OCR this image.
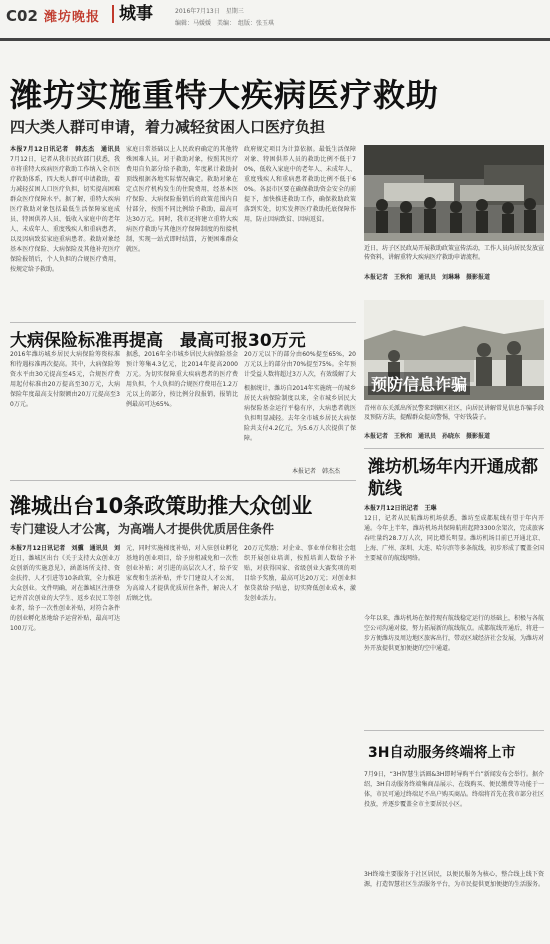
C02 潍坊晚报	城事	2016年7月13日　星期三
编辑：马媛媛　美编：　组版：张玉琪
潍坊实施重特大疾病医疗救助
四大类人群可申请，着力减轻贫困人口医疗负担
本报7月12日讯记者　韩杰杰　通讯员　
7月12日，记者从我市民政部门获悉，我市将重特大疾病医疗救助工作纳入全市医疗救助体系，四大类人群可申请救助，着力减轻贫困人口医疗负担，切实提高困难群众医疗保障水平。据了解，重特大疾病医疗救助对象包括最低生活保障家庭成员、特困供养人员、低收入家庭中的老年人、未成年人、重度残疾人和重病患者，以及因病致贫家庭重病患者。救助对象经基本医疗保险、大病保险及其他补充医疗保险报销后，个人负担的合规医疗费用，按规定给予救助。
家庭日常基础以上人民政府确定的其他特殊困难人员。对于救助对象，按照其医疗费用自负部分给予救助，年度累计救助封顶线根据各地实际情况确定。救助对象在定点医疗机构发生的住院费用，经基本医疗保险、大病保险报销后的政策范围内自付部分，按照不同比例给予救助，最高可达30万元。同时，我市还将建立重特大疾病医疗救助与其他医疗保障制度的衔接机制，实现一站式即时结算，方便困难群众就医。
政府规定项目为计算依据。最低生活保障对象、特困供养人员的救助比例不低于70%，低收入家庭中的老年人、未成年人、重度残疾人和重病患者救助比例不低于60%。各县市区要在确保救助资金安全的前提下，加快推进救助工作，确保救助政策落到实处，切实发挥医疗救助托底保障作用，防止因病致贫、因病返贫。
近日，坊子区民政局开展救助政策宣传活动，工作人员向居民发放宣传资料，讲解重特大疾病医疗救助申请流程。
本报记者　王秋和　通讯员　刘琳琳　摄影报道
大病保险标准再提高　最高可报30万元
2016年潍坊城乡居民大病保险筹资标准和待遇标准再次提高。其中，大病保险筹资水平由30元提高至45元，合规医疗费用起付标准由20万提高至30万元，大病保险年度最高支付限额由20万元提高至30万元。
据悉，2016年全市城乡居民大病保险基金预计筹集4.3亿元，比2014年提高2000万元。为切实保障重大疾病患者的医疗费用负担，个人负担的合规医疗费用在1.2万元以上的部分，按比例分段报销，报销比例最高可达65%。
20万元以下的部分由60%提至65%，20万元以上的部分由70%提至75%。全年预计受益人数将超过3万人次，有效缓解了大
根据统计，潍坊自2014年实施统一的城乡居民大病保险制度以来，全市城乡居民大病保险基金运行平稳有序，大病患者就医负担明显减轻。去年全市城乡居民大病保险共支付4.2亿元，为5.6万人次提供了保障。
本报记者　韩杰杰
潍城出台10条政策助推大众创业
专门建设人才公寓，为高端人才提供优质居住条件
本报7月12日讯记者　刘骥　通讯员　刘
近日，潍城区出台《关于支持大众创业万众创新的实施意见》，涵盖场所支持、资金扶持、人才引进等10条政策，全力推进大众创业。文件明确，对在潍城区注册登记并首次创业的大学生、返乡农民工等创业者，给予一次性创业补贴，对符合条件的创业孵化基地给予运营补贴，最高可达100万元。
元，同时实施梯度补贴，对入驻创业孵化基地的创业项目，给予房租减免和一次性创业补贴；对引进的高层次人才，给予安家费和生活补贴，并专门建设人才公寓，为高端人才提供优质居住条件，解决人才后顾之忧。
20万元奖励；对企业、事业单位和社会组织开展创业培训，按照培训人数给予补贴，对获得国家、省级创业大赛奖项的项目给予奖励，最高可达20万元；对创业担保贷款给予贴息，切实降低创业成本，激发创业活力。
预防信息诈骗
青州市东关派出所民警来到辖区社区，向居民讲解常见信息诈骗手段及预防方法，提醒群众提高警惕，守好钱袋子。
本报记者　王秋和　通讯员　孙晓东　摄影报道
潍坊机场年内开通成都航线
本报7月12日讯记者　王琳
12日，记者从民航潍坊机场获悉，潍坊至成都航线有望于年内开通。今年上半年，潍坊机场共保障航班起降3300余架次，完成旅客吞吐量约28.7万人次，同比增长明显。潍坊机场目前已开通北京、上海、广州、深圳、大连、哈尔滨等多条航线，初步形成了覆盖全国主要城市的航线网络。
今年以来，潍坊机场在保持现有航线稳定运行的基础上，积极与各航空公司沟通对接，努力拓展新的航线航点。成都航线开通后，将进一步方便潍坊及周边地区旅客出行，带动区域经济社会发展，为潍坊对外开放提供更加便捷的空中通道。
3H自动服务终端将上市
7月9日，“3H智慧生活圈&3H即时导购平台”新闻发布会举行。据介绍，3H自动服务终端集商品展示、在线购买、便民缴费等功能于一体，市民可通过终端足不出户购买商品。终端将首先在我市部分社区投放，并逐步覆盖全市主要居民小区。
3H终端主要服务于社区居民，以便民服务为核心，整合线上线下资源，打造智慧社区生活服务平台，为市民提供更加便捷的生活服务。
